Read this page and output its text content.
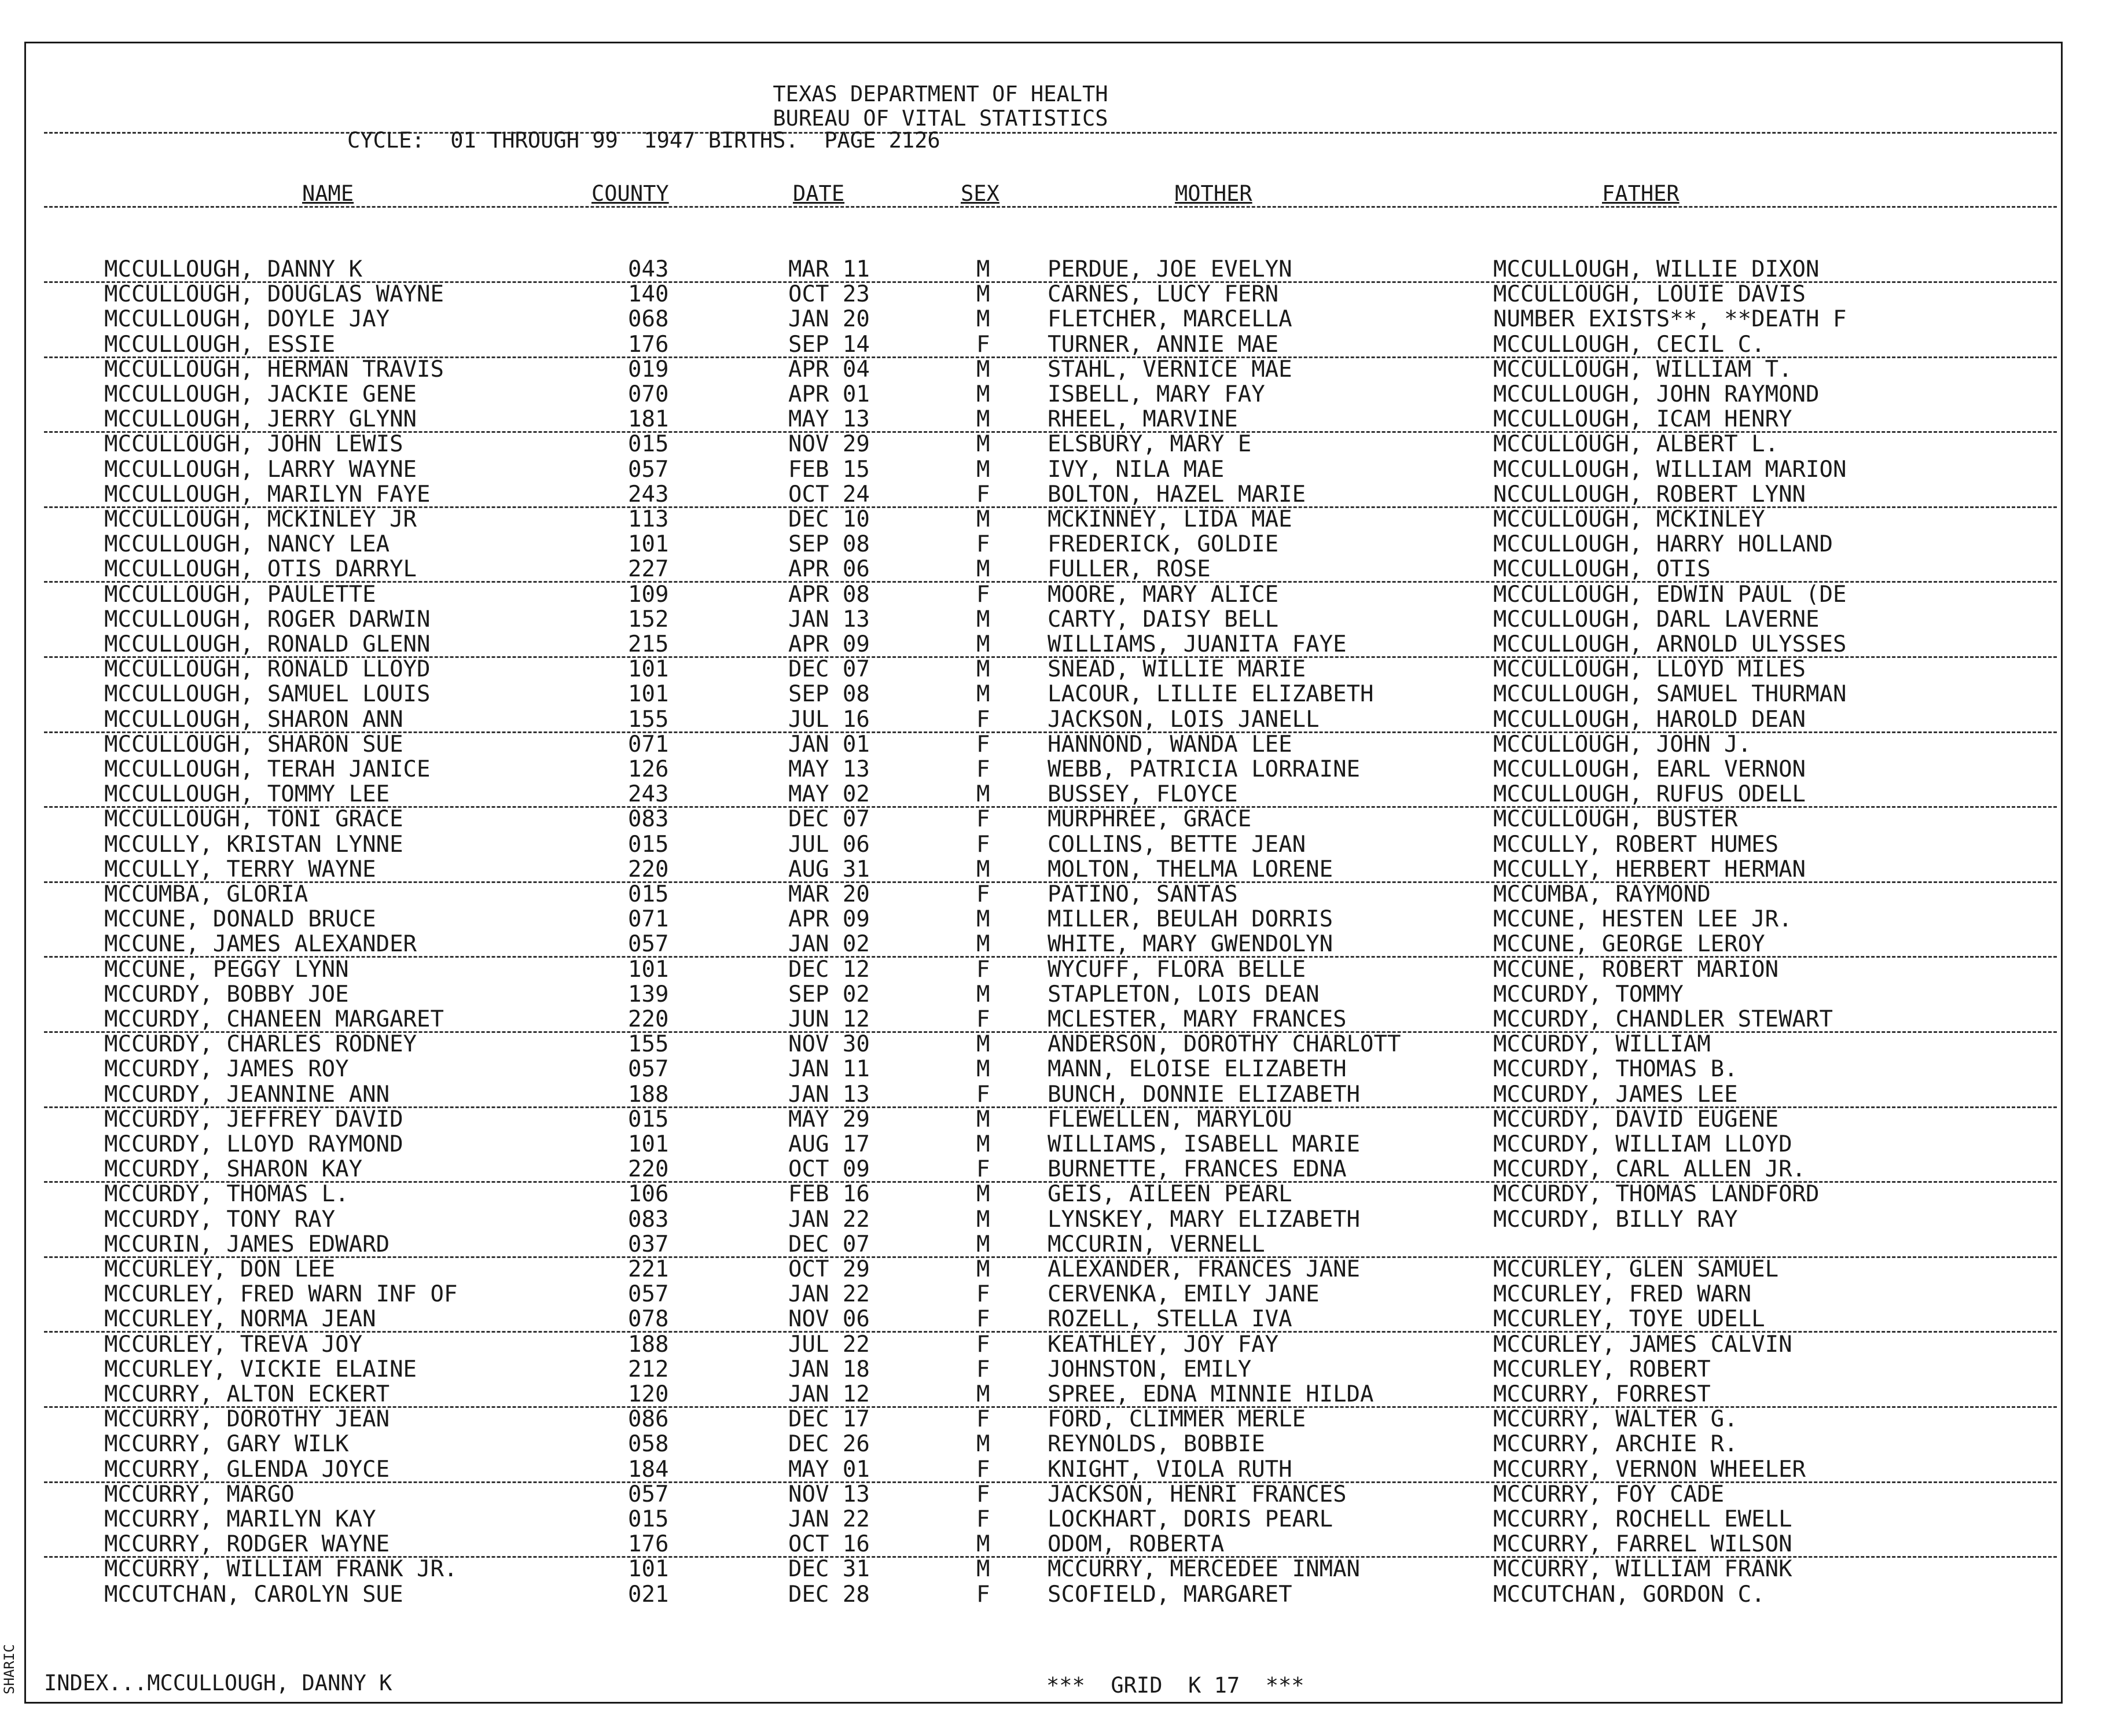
TEXAS DEPARTMENT OF HEALTH
BUREAU OF VITAL STATISTICS
CYCLE:  01 THROUGH 99  1947 BIRTHS.  PAGE 2126
NAME	COUNTY	DATE	SEX	MOTHER	FATHER
MCCULLOUGH, DANNY K	043	MAR 11	M	PERDUE, JOE EVELYN	MCCULLOUGH, WILLIE DIXON
MCCULLOUGH, DOUGLAS WAYNE	140	OCT 23	M	CARNES, LUCY FERN	MCCULLOUGH, LOUIE DAVIS
MCCULLOUGH, DOYLE JAY	068	JAN 20	M	FLETCHER, MARCELLA	NUMBER EXISTS**, **DEATH F
MCCULLOUGH, ESSIE	176	SEP 14	F	TURNER, ANNIE MAE	MCCULLOUGH, CECIL C.
MCCULLOUGH, HERMAN TRAVIS	019	APR 04	M	STAHL, VERNICE MAE	MCCULLOUGH, WILLIAM T.
MCCULLOUGH, JACKIE GENE	070	APR 01	M	ISBELL, MARY FAY	MCCULLOUGH, JOHN RAYMOND
MCCULLOUGH, JERRY GLYNN	181	MAY 13	M	RHEEL, MARVINE	MCCULLOUGH, ICAM HENRY
MCCULLOUGH, JOHN LEWIS	015	NOV 29	M	ELSBURY, MARY E	MCCULLOUGH, ALBERT L.
MCCULLOUGH, LARRY WAYNE	057	FEB 15	M	IVY, NILA MAE	MCCULLOUGH, WILLIAM MARION
MCCULLOUGH, MARILYN FAYE	243	OCT 24	F	BOLTON, HAZEL MARIE	NCCULLOUGH, ROBERT LYNN
MCCULLOUGH, MCKINLEY JR	113	DEC 10	M	MCKINNEY, LIDA MAE	MCCULLOUGH, MCKINLEY
MCCULLOUGH, NANCY LEA	101	SEP 08	F	FREDERICK, GOLDIE	MCCULLOUGH, HARRY HOLLAND
MCCULLOUGH, OTIS DARRYL	227	APR 06	M	FULLER, ROSE	MCCULLOUGH, OTIS
MCCULLOUGH, PAULETTE	109	APR 08	F	MOORE, MARY ALICE	MCCULLOUGH, EDWIN PAUL (DE
MCCULLOUGH, ROGER DARWIN	152	JAN 13	M	CARTY, DAISY BELL	MCCULLOUGH, DARL LAVERNE
MCCULLOUGH, RONALD GLENN	215	APR 09	M	WILLIAMS, JUANITA FAYE	MCCULLOUGH, ARNOLD ULYSSES
MCCULLOUGH, RONALD LLOYD	101	DEC 07	M	SNEAD, WILLIE MARIE	MCCULLOUGH, LLOYD MILES
MCCULLOUGH, SAMUEL LOUIS	101	SEP 08	M	LACOUR, LILLIE ELIZABETH	MCCULLOUGH, SAMUEL THURMAN
MCCULLOUGH, SHARON ANN	155	JUL 16	F	JACKSON, LOIS JANELL	MCCULLOUGH, HAROLD DEAN
MCCULLOUGH, SHARON SUE	071	JAN 01	F	HANNOND, WANDA LEE	MCCULLOUGH, JOHN J.
MCCULLOUGH, TERAH JANICE	126	MAY 13	F	WEBB, PATRICIA LORRAINE	MCCULLOUGH, EARL VERNON
MCCULLOUGH, TOMMY LEE	243	MAY 02	M	BUSSEY, FLOYCE	MCCULLOUGH, RUFUS ODELL
MCCULLOUGH, TONI GRACE	083	DEC 07	F	MURPHREE, GRACE	MCCULLOUGH, BUSTER
MCCULLY, KRISTAN LYNNE	015	JUL 06	F	COLLINS, BETTE JEAN	MCCULLY, ROBERT HUMES
MCCULLY, TERRY WAYNE	220	AUG 31	M	MOLTON, THELMA LORENE	MCCULLY, HERBERT HERMAN
MCCUMBA, GLORIA	015	MAR 20	F	PATINO, SANTAS	MCCUMBA, RAYMOND
MCCUNE, DONALD BRUCE	071	APR 09	M	MILLER, BEULAH DORRIS	MCCUNE, HESTEN LEE JR.
MCCUNE, JAMES ALEXANDER	057	JAN 02	M	WHITE, MARY GWENDOLYN	MCCUNE, GEORGE LEROY
MCCUNE, PEGGY LYNN	101	DEC 12	F	WYCUFF, FLORA BELLE	MCCUNE, ROBERT MARION
MCCURDY, BOBBY JOE	139	SEP 02	M	STAPLETON, LOIS DEAN	MCCURDY, TOMMY
MCCURDY, CHANEEN MARGARET	220	JUN 12	F	MCLESTER, MARY FRANCES	MCCURDY, CHANDLER STEWART
MCCURDY, CHARLES RODNEY	155	NOV 30	M	ANDERSON, DOROTHY CHARLOTT	MCCURDY, WILLIAM
MCCURDY, JAMES ROY	057	JAN 11	M	MANN, ELOISE ELIZABETH	MCCURDY, THOMAS B.
MCCURDY, JEANNINE ANN	188	JAN 13	F	BUNCH, DONNIE ELIZABETH	MCCURDY, JAMES LEE
MCCURDY, JEFFREY DAVID	015	MAY 29	M	FLEWELLEN, MARYLOU	MCCURDY, DAVID EUGENE
MCCURDY, LLOYD RAYMOND	101	AUG 17	M	WILLIAMS, ISABELL MARIE	MCCURDY, WILLIAM LLOYD
MCCURDY, SHARON KAY	220	OCT 09	F	BURNETTE, FRANCES EDNA	MCCURDY, CARL ALLEN JR.
MCCURDY, THOMAS L.	106	FEB 16	M	GEIS, AILEEN PEARL	MCCURDY, THOMAS LANDFORD
MCCURDY, TONY RAY	083	JAN 22	M	LYNSKEY, MARY ELIZABETH	MCCURDY, BILLY RAY
MCCURIN, JAMES EDWARD	037	DEC 07	M	MCCURIN, VERNELL
MCCURLEY, DON LEE	221	OCT 29	M	ALEXANDER, FRANCES JANE	MCCURLEY, GLEN SAMUEL
MCCURLEY, FRED WARN INF OF	057	JAN 22	F	CERVENKA, EMILY JANE	MCCURLEY, FRED WARN
MCCURLEY, NORMA JEAN	078	NOV 06	F	ROZELL, STELLA IVA	MCCURLEY, TOYE UDELL
MCCURLEY, TREVA JOY	188	JUL 22	F	KEATHLEY, JOY FAY	MCCURLEY, JAMES CALVIN
MCCURLEY, VICKIE ELAINE	212	JAN 18	F	JOHNSTON, EMILY	MCCURLEY, ROBERT
MCCURRY, ALTON ECKERT	120	JAN 12	M	SPREE, EDNA MINNIE HILDA	MCCURRY, FORREST
MCCURRY, DOROTHY JEAN	086	DEC 17	F	FORD, CLIMMER MERLE	MCCURRY, WALTER G.
MCCURRY, GARY WILK	058	DEC 26	M	REYNOLDS, BOBBIE	MCCURRY, ARCHIE R.
MCCURRY, GLENDA JOYCE	184	MAY 01	F	KNIGHT, VIOLA RUTH	MCCURRY, VERNON WHEELER
MCCURRY, MARGO	057	NOV 13	F	JACKSON, HENRI FRANCES	MCCURRY, FOY CADE
MCCURRY, MARILYN KAY	015	JAN 22	F	LOCKHART, DORIS PEARL	MCCURRY, ROCHELL EWELL
MCCURRY, RODGER WAYNE	176	OCT 16	M	ODOM, ROBERTA	MCCURRY, FARREL WILSON
MCCURRY, WILLIAM FRANK JR.	101	DEC 31	M	MCCURRY, MERCEDEE INMAN	MCCURRY, WILLIAM FRANK
MCCUTCHAN, CAROLYN SUE	021	DEC 28	F	SCOFIELD, MARGARET	MCCUTCHAN, GORDON C.
INDEX...MCCULLOUGH, DANNY K	***  GRID  K 17  ***
SHARIC
